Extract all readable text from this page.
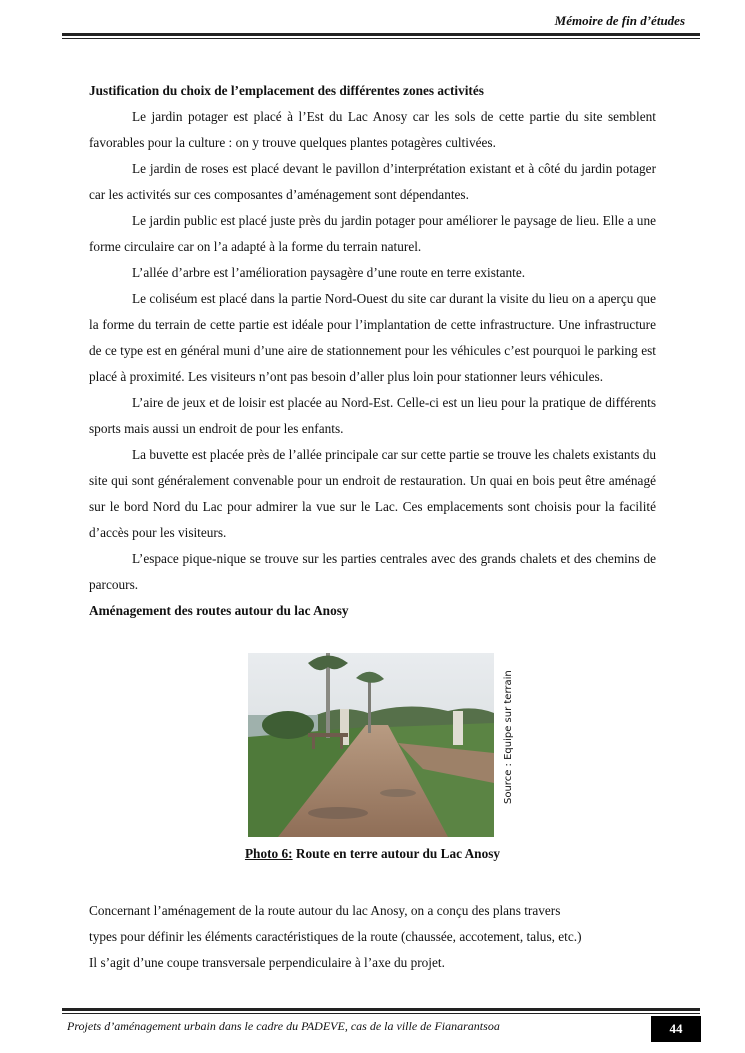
Mémoire de fin d’études

Justification du choix de l’emplacement des différentes zones activités

Le jardin potager est placé à l’Est du Lac Anosy car les sols de cette partie du site semblent favorables pour la culture : on y trouve quelques plantes potagères cultivées.

Le jardin de roses est placé devant le pavillon d’interprétation existant et à côté du jardin potager car les activités sur ces composantes d’aménagement sont dépendantes.

Le jardin public est placé juste près du jardin potager pour améliorer le paysage de lieu. Elle a une forme circulaire car on l’a adapté à la forme du terrain naturel.

L’allée d’arbre est l’amélioration paysagère d’une route en terre existante.

Le coliséum est placé dans la partie Nord-Ouest du site car durant la visite du lieu on a aperçu que la forme du terrain de cette partie est idéale pour l’implantation de cette infrastructure. Une infrastructure de ce type est en général muni d’une aire de stationnement pour les véhicules c’est pourquoi le parking est placé à proximité. Les visiteurs n’ont pas besoin d’aller plus loin pour stationner leurs véhicules.

L’aire de jeux et de loisir est placée au Nord-Est. Celle-ci est un lieu pour la pratique de différents sports mais aussi un endroit de pour les enfants.

La buvette est placée près de l’allée principale car sur cette partie se trouve les chalets existants du site qui sont généralement convenable pour un endroit de restauration. Un quai en bois peut être aménagé sur le bord Nord du Lac pour admirer la vue sur le Lac. Ces emplacements sont choisis pour la facilité d’accès pour les visiteurs.

L’espace pique-nique se trouve sur les parties centrales avec des grands chalets et des chemins de parcours.

Aménagement des routes autour du lac Anosy

Source : Equipe sur terrain
Photo 6: Route en terre autour du Lac Anosy
Concernant l’aménagement de la route autour du lac Anosy, on a conçu des plans travers
types pour définir les éléments caractéristiques de la route (chaussée, accotement, talus, etc.)
Il s’agit d’une coupe transversale perpendiculaire à l’axe du projet.
Projets d’aménagement urbain dans le cadre du PADEVE, cas de la ville de Fianarantsoa	44
